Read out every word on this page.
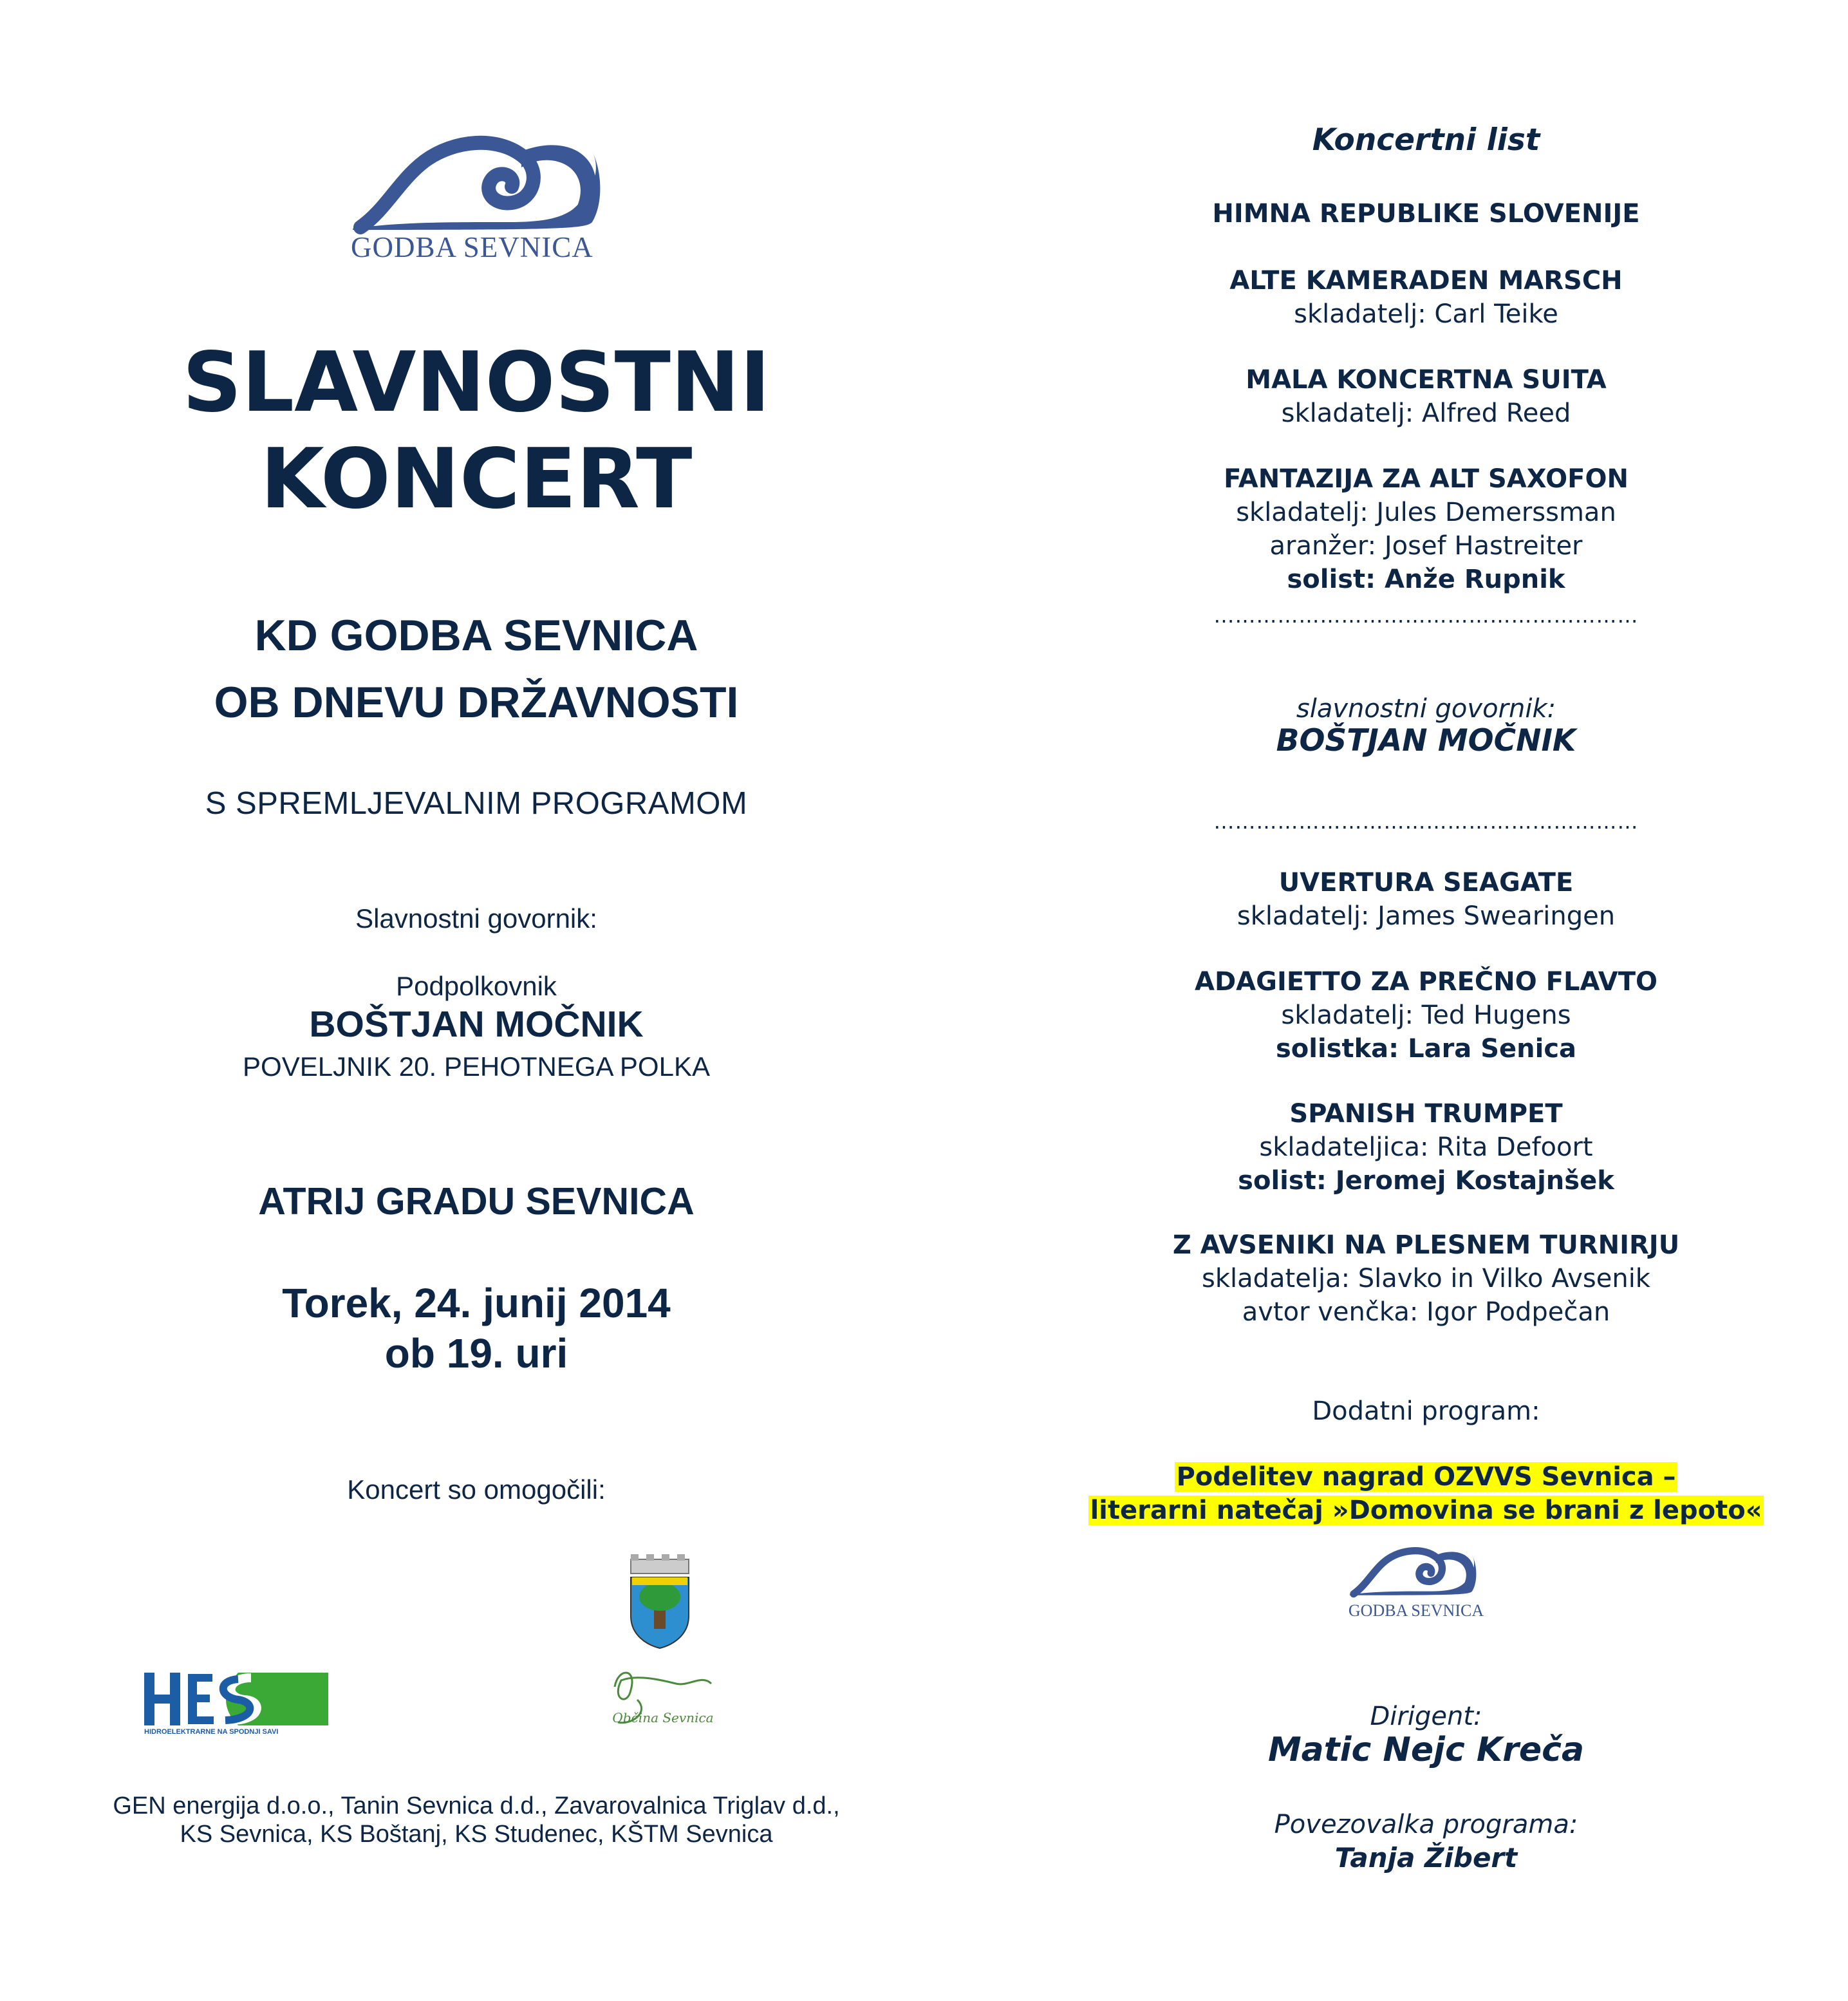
GODBA SEVNICA
SLAVNOSTNI
KONCERT
KD GODBA SEVNICA
OB DNEVU DRŽAVNOSTI
S SPREMLJEVALNIM PROGRAMOM
Slavnostni govornik:
Podpolkovnik
BOŠTJAN MOČNIK
POVELJNIK 20. PEHOTNEGA POLKA
ATRIJ GRADU SEVNICA
Torek, 24. junij 2014
ob 19. uri
Koncert so omogočili:
HIDROELEKTRARNE NA SPODNJI SAVI
Občina Sevnica
GEN energija d.o.o., Tanin Sevnica d.d., Zavarovalnica Triglav d.d.,
KS Sevnica, KS Boštanj, KS Studenec, KŠTM Sevnica
Koncertni list
HIMNA REPUBLIKE SLOVENIJE
ALTE KAMERADEN MARSCH
skladatelj: Carl Teike
MALA KONCERTNA SUITA
skladatelj: Alfred Reed
FANTAZIJA ZA ALT SAXOFON
skladatelj: Jules Demerssman
aranžer: Josef Hastreiter
solist: Anže Rupnik
……………………………………………………
slavnostni govornik:
BOŠTJAN MOČNIK
……………………………………………………
UVERTURA SEAGATE
skladatelj: James Swearingen
ADAGIETTO ZA PREČNO FLAVTO
skladatelj: Ted Hugens
solistka: Lara Senica
SPANISH TRUMPET
skladateljica: Rita Defoort
solist: Jeromej Kostajnšek
Z AVSENIKI NA PLESNEM TURNIRJU
skladatelja: Slavko in Vilko Avsenik
avtor venčka: Igor Podpečan
Dodatni program:
Podelitev nagrad OZVVS Sevnica –
literarni natečaj »Domovina se brani z lepoto«
GODBA SEVNICA
Dirigent:
Matic Nejc Kreča
Povezovalka programa:
Tanja Žibert
